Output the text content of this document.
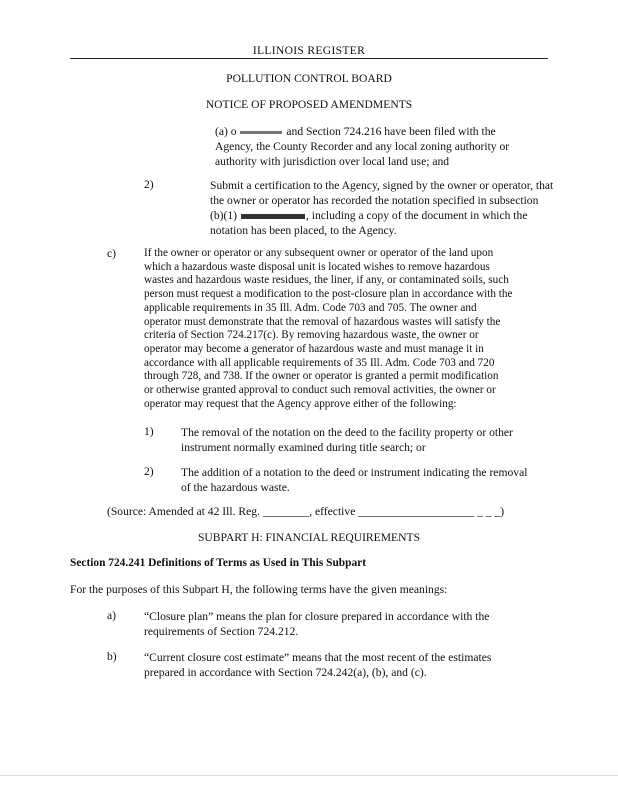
ILLINOIS REGISTER
POLLUTION CONTROL BOARD
NOTICE OF PROPOSED AMENDMENTS
(a) o	and Section 724.216 have been filed with the
Agency, the County Recorder and any local zoning authority or
authority with jurisdiction over local land use; and
2)	Submit a certification to the Agency, signed by the owner or operator, that
the owner or operator has recorded the notation specified in subsection
(b)(1)	, including a copy of the document in which the
notation has been placed, to the Agency.
c) If the owner or operator or any subsequent owner or operator of the land upon
which a hazardous waste disposal unit is located wishes to remove hazardous
wastes and hazardous waste residues, the liner, if any, or contaminated soils, such
person must request a modification to the post-closure plan in accordance with the
applicable requirements in 35 Ill. Adm. Code 703 and 705. The owner and
operator must demonstrate that the removal of hazardous wastes will satisfy the
criteria of Section 724.217(c). By removing hazardous waste, the owner or
operator may become a generator of hazardous waste and must manage it in
accordance with all applicable requirements of 35 Ill. Adm. Code 703 and 720
through 728, and 738. If the owner or operator is granted a permit modification
or otherwise granted approval to conduct such removal activities, the owner or
operator may request that the Agency approve either of the following:
1) The removal of the notation on the deed to the facility property or other
instrument normally examined during title search; or
2) The addition of a notation to the deed or instrument indicating the removal
of the hazardous waste.
(Source: Amended at 42 Ill. Reg. ________, effective ____________________ _ _ _)
SUBPART H: FINANCIAL REQUIREMENTS
Section 724.241 Definitions of Terms as Used in This Subpart
For the purposes of this Subpart H, the following terms have the given meanings:
a) “Closure plan” means the plan for closure prepared in accordance with the
requirements of Section 724.212.
b) “Current closure cost estimate” means that the most recent of the estimates
prepared in accordance with Section 724.242(a), (b), and (c).
